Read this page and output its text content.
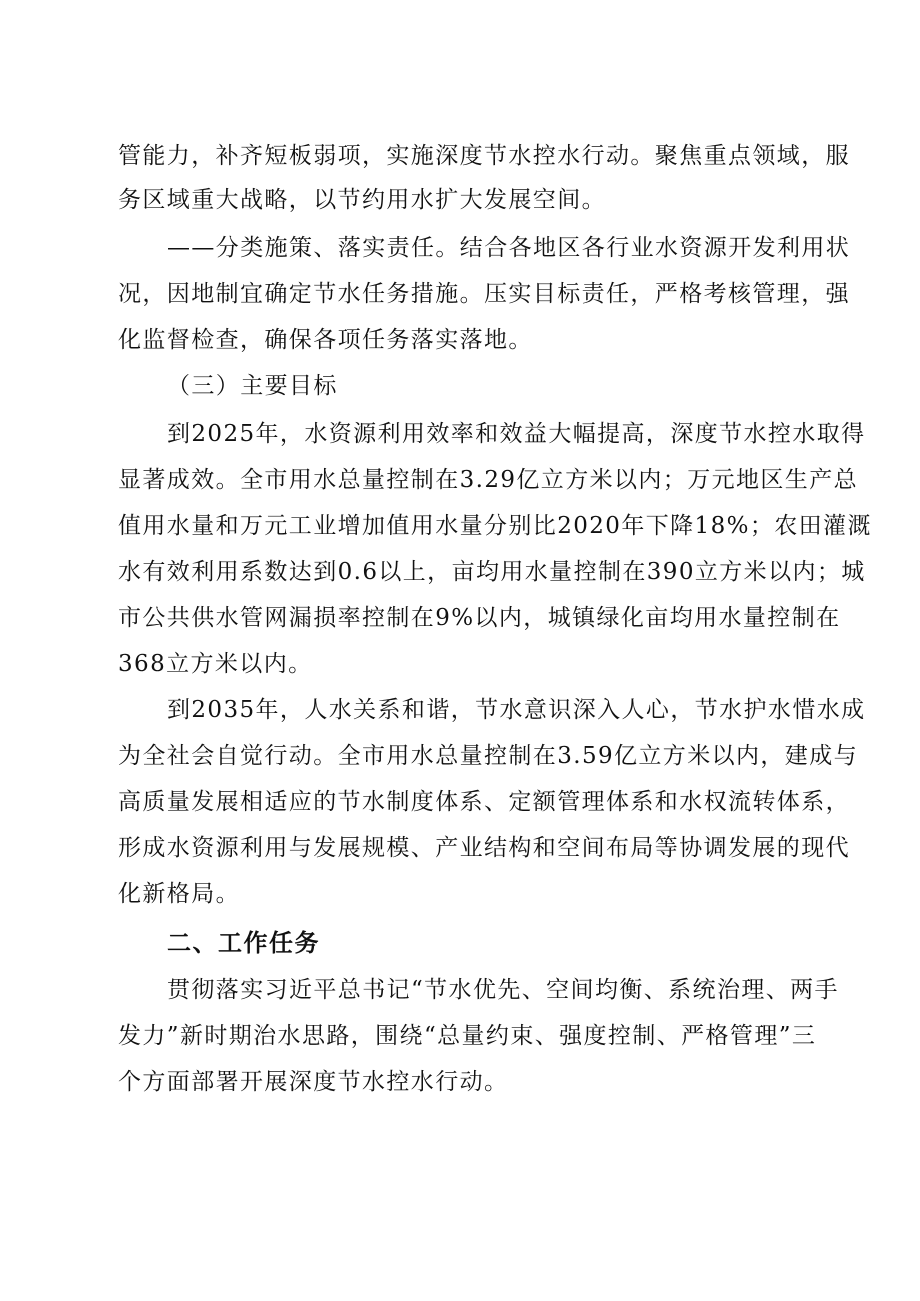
管能力，补齐短板弱项，实施深度节水控水行动。聚焦重点领域，服
务区域重大战略，以节约用水扩大发展空间。
——分类施策、落实责任。结合各地区各行业水资源开发利用状
况，因地制宜确定节水任务措施。压实目标责任，严格考核管理，强
化监督检查，确保各项任务落实落地。
（三）主要目标
到2025年，水资源利用效率和效益大幅提高，深度节水控水取得
显著成效。全市用水总量控制在3.29亿立方米以内；万元地区生产总
值用水量和万元工业增加值用水量分别比2020年下降18%；农田灌溉
水有效利用系数达到0.6以上，亩均用水量控制在390立方米以内；城
市公共供水管网漏损率控制在9%以内，城镇绿化亩均用水量控制在
368立方米以内。
到2035年，人水关系和谐，节水意识深入人心，节水护水惜水成
为全社会自觉行动。全市用水总量控制在3.59亿立方米以内，建成与
高质量发展相适应的节水制度体系、定额管理体系和水权流转体系，
形成水资源利用与发展规模、产业结构和空间布局等协调发展的现代
化新格局。
二、工作任务
贯彻落实习近平总书记“节水优先、空间均衡、系统治理、两手
发力”新时期治水思路，围绕“总量约束、强度控制、严格管理”三
个方面部署开展深度节水控水行动。
